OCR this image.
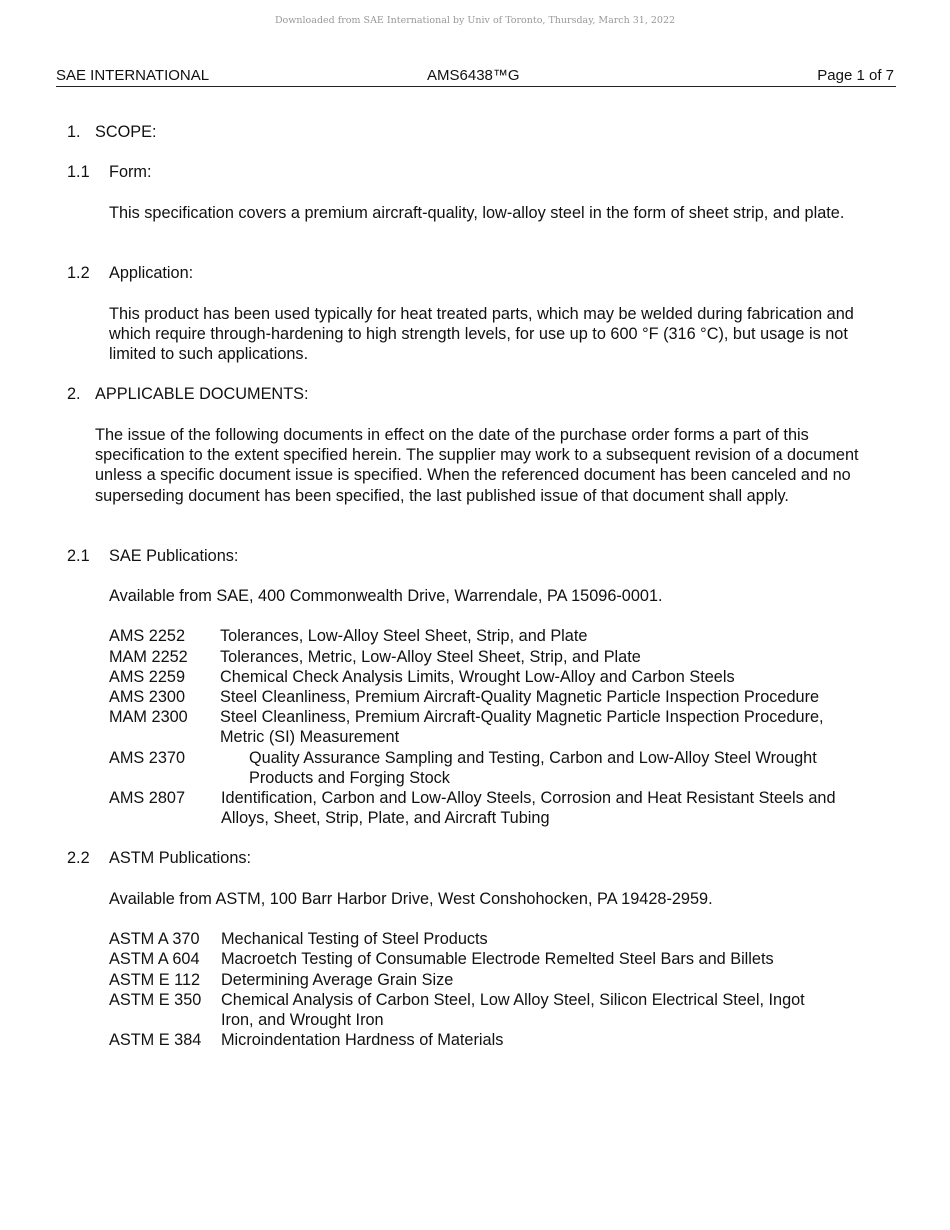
Downloaded from SAE International by Univ of Toronto, Thursday, March 31, 2022
SAE INTERNATIONAL	AMS6438™G	Page 1 of 7
1. SCOPE:
1.1 Form:
This specification covers a premium aircraft-quality, low-alloy steel in the form of sheet strip, and plate.
1.2 Application:
This product has been used typically for heat treated parts, which may be welded during fabrication and which require through-hardening to high strength levels, for use up to 600 °F (316 °C), but usage is not limited to such applications.
2. APPLICABLE DOCUMENTS:
The issue of the following documents in effect on the date of the purchase order forms a part of this specification to the extent specified herein. The supplier may work to a subsequent revision of a document unless a specific document issue is specified. When the referenced document has been canceled and no superseding document has been specified, the last published issue of that document shall apply.
2.1 SAE Publications:
Available from SAE, 400 Commonwealth Drive, Warrendale, PA 15096-0001.
AMS 2252 Tolerances, Low-Alloy Steel Sheet, Strip, and Plate
MAM 2252 Tolerances, Metric, Low-Alloy Steel Sheet, Strip, and Plate
AMS 2259 Chemical Check Analysis Limits, Wrought Low-Alloy and Carbon Steels
AMS 2300 Steel Cleanliness, Premium Aircraft-Quality Magnetic Particle Inspection Procedure
MAM 2300 Steel Cleanliness, Premium Aircraft-Quality Magnetic Particle Inspection Procedure, Metric (SI) Measurement
AMS 2370	Quality Assurance Sampling and Testing, Carbon and Low-Alloy Steel Wrought Products and Forging Stock
AMS 2807 Identification, Carbon and Low-Alloy Steels, Corrosion and Heat Resistant Steels and Alloys, Sheet, Strip, Plate, and Aircraft Tubing
2.2 ASTM Publications:
Available from ASTM, 100 Barr Harbor Drive, West Conshohocken, PA 19428-2959.
ASTM A 370 Mechanical Testing of Steel Products
ASTM A 604 Macroetch Testing of Consumable Electrode Remelted Steel Bars and Billets
ASTM E 112 Determining Average Grain Size
ASTM E 350 Chemical Analysis of Carbon Steel, Low Alloy Steel, Silicon Electrical Steel, Ingot Iron, and Wrought Iron
ASTM E 384 Microindentation Hardness of Materials
